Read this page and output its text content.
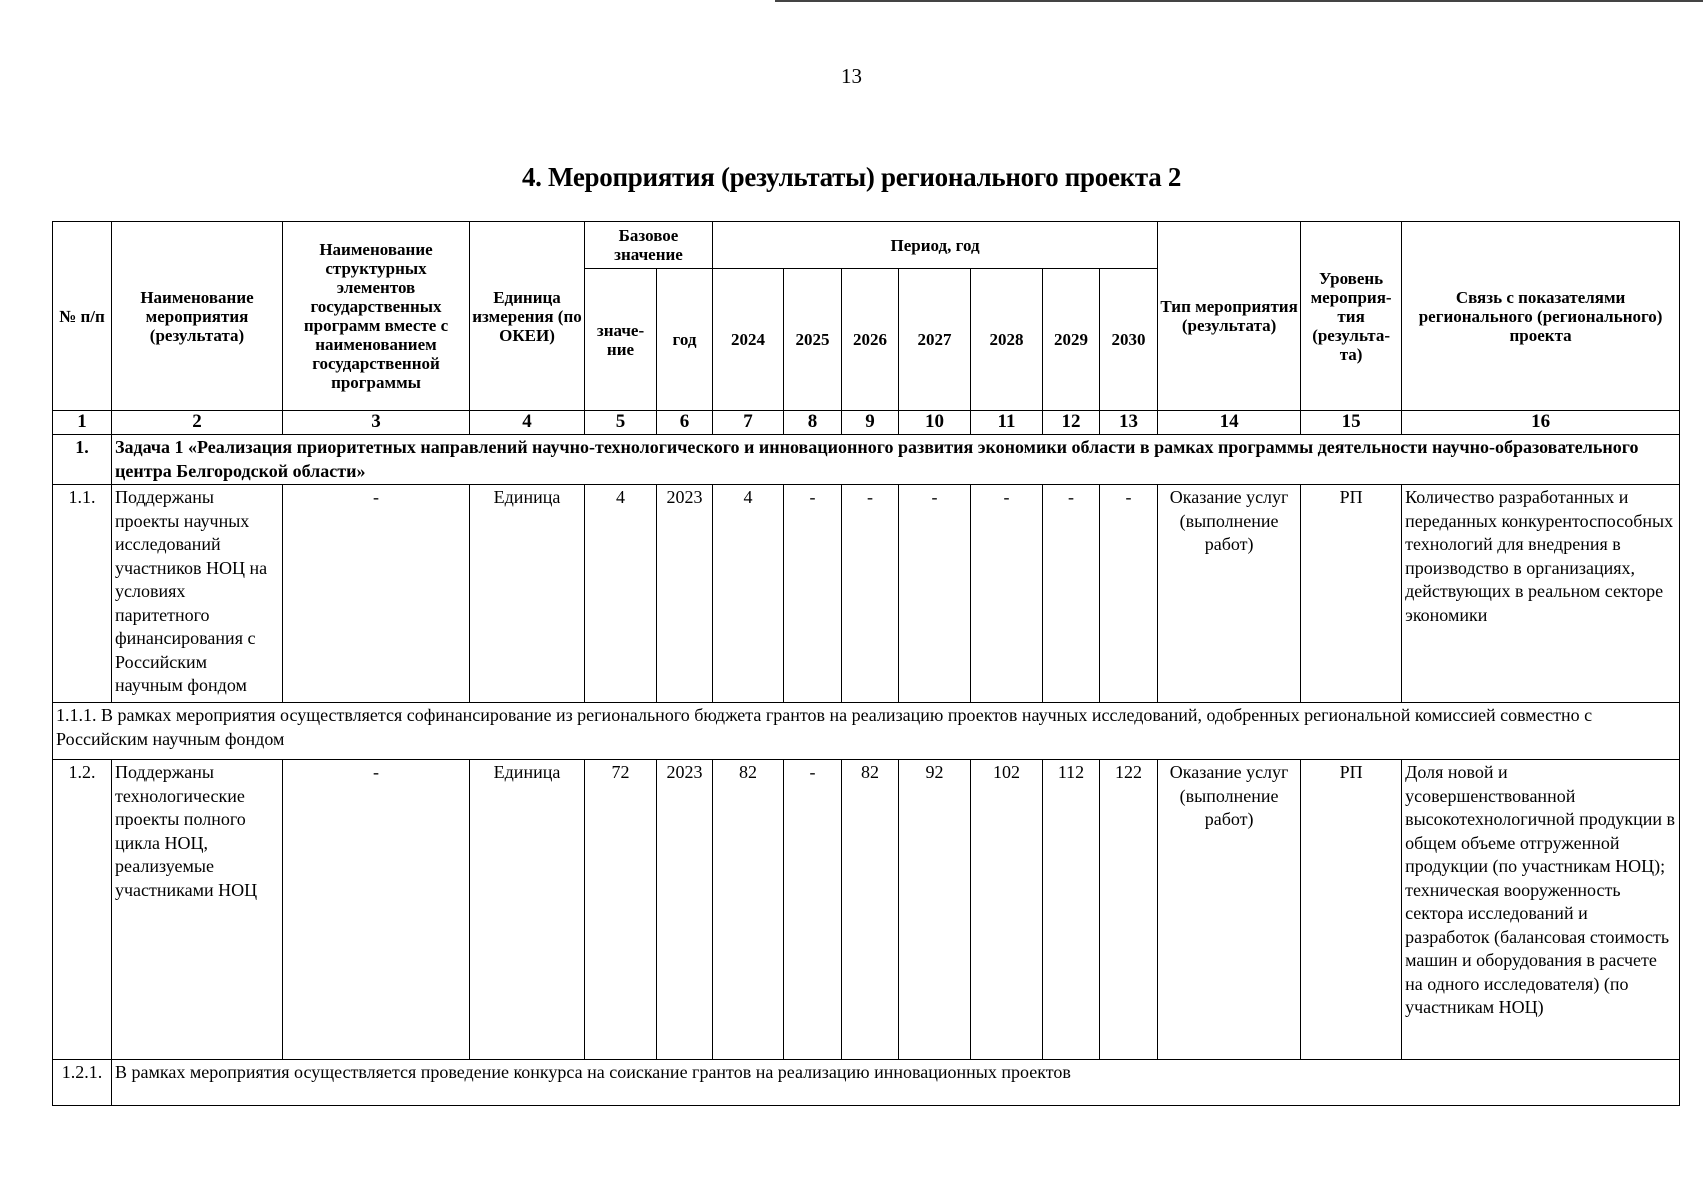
13
4. Мероприятия (результаты) регионального проекта 2
№ п/п	Наименование мероприятия (результата)	Наименование структурных элементов государственных программ вместе с наименованием государственной программы	Единица измерения (по ОКЕИ)	Базовое значение		Период, год							Тип мероприятия (результата)	Уровень мероприя-тия (результа-та)	Связь с показателями регионального (регионального) проекта
				значе-ние	год	2024	2025	2026	2027	2028	2029	2030			
1	2	3	4	5	6	7	8	9	10	11	12	13	14	15	16
1.	Задача 1 «Реализация приоритетных направлений научно-технологического и инновационного развития экономики области в рамках программы деятельности научно-образовательного центра Белгородской области»														
1.1.	Поддержаны проекты научных исследований участников НОЦ на условиях паритетного финансирования с Российским научным фондом	-	Единица	4	2023	4	-	-	-	-	-	-	Оказание услуг (выполнение работ)	РП	Количество разработанных и переданных конкурентоспособных технологий для внедрения в производство в организациях, действующих в реальном секторе экономики
1.1.1. В рамках мероприятия осуществляется софинансирование из регионального бюджета грантов на реализацию проектов научных исследований, одобренных региональной комиссией совместно с Российским научным фондом															
1.2.	Поддержаны технологические проекты полного цикла НОЦ, реализуемые участниками НОЦ	-	Единица	72	2023	82	-	82	92	102	112	122	Оказание услуг (выполнение работ)	РП	Доля новой и усовершенствованной высокотехнологичной продукции в общем объеме отгруженной продукции (по участникам НОЦ); техническая вооруженность сектора исследований и разработок (балансовая стоимость машин и оборудования в расчете на одного исследователя) (по участникам НОЦ)
1.2.1.	В рамках мероприятия осуществляется проведение конкурса на соискание грантов на реализацию инновационных проектов														
